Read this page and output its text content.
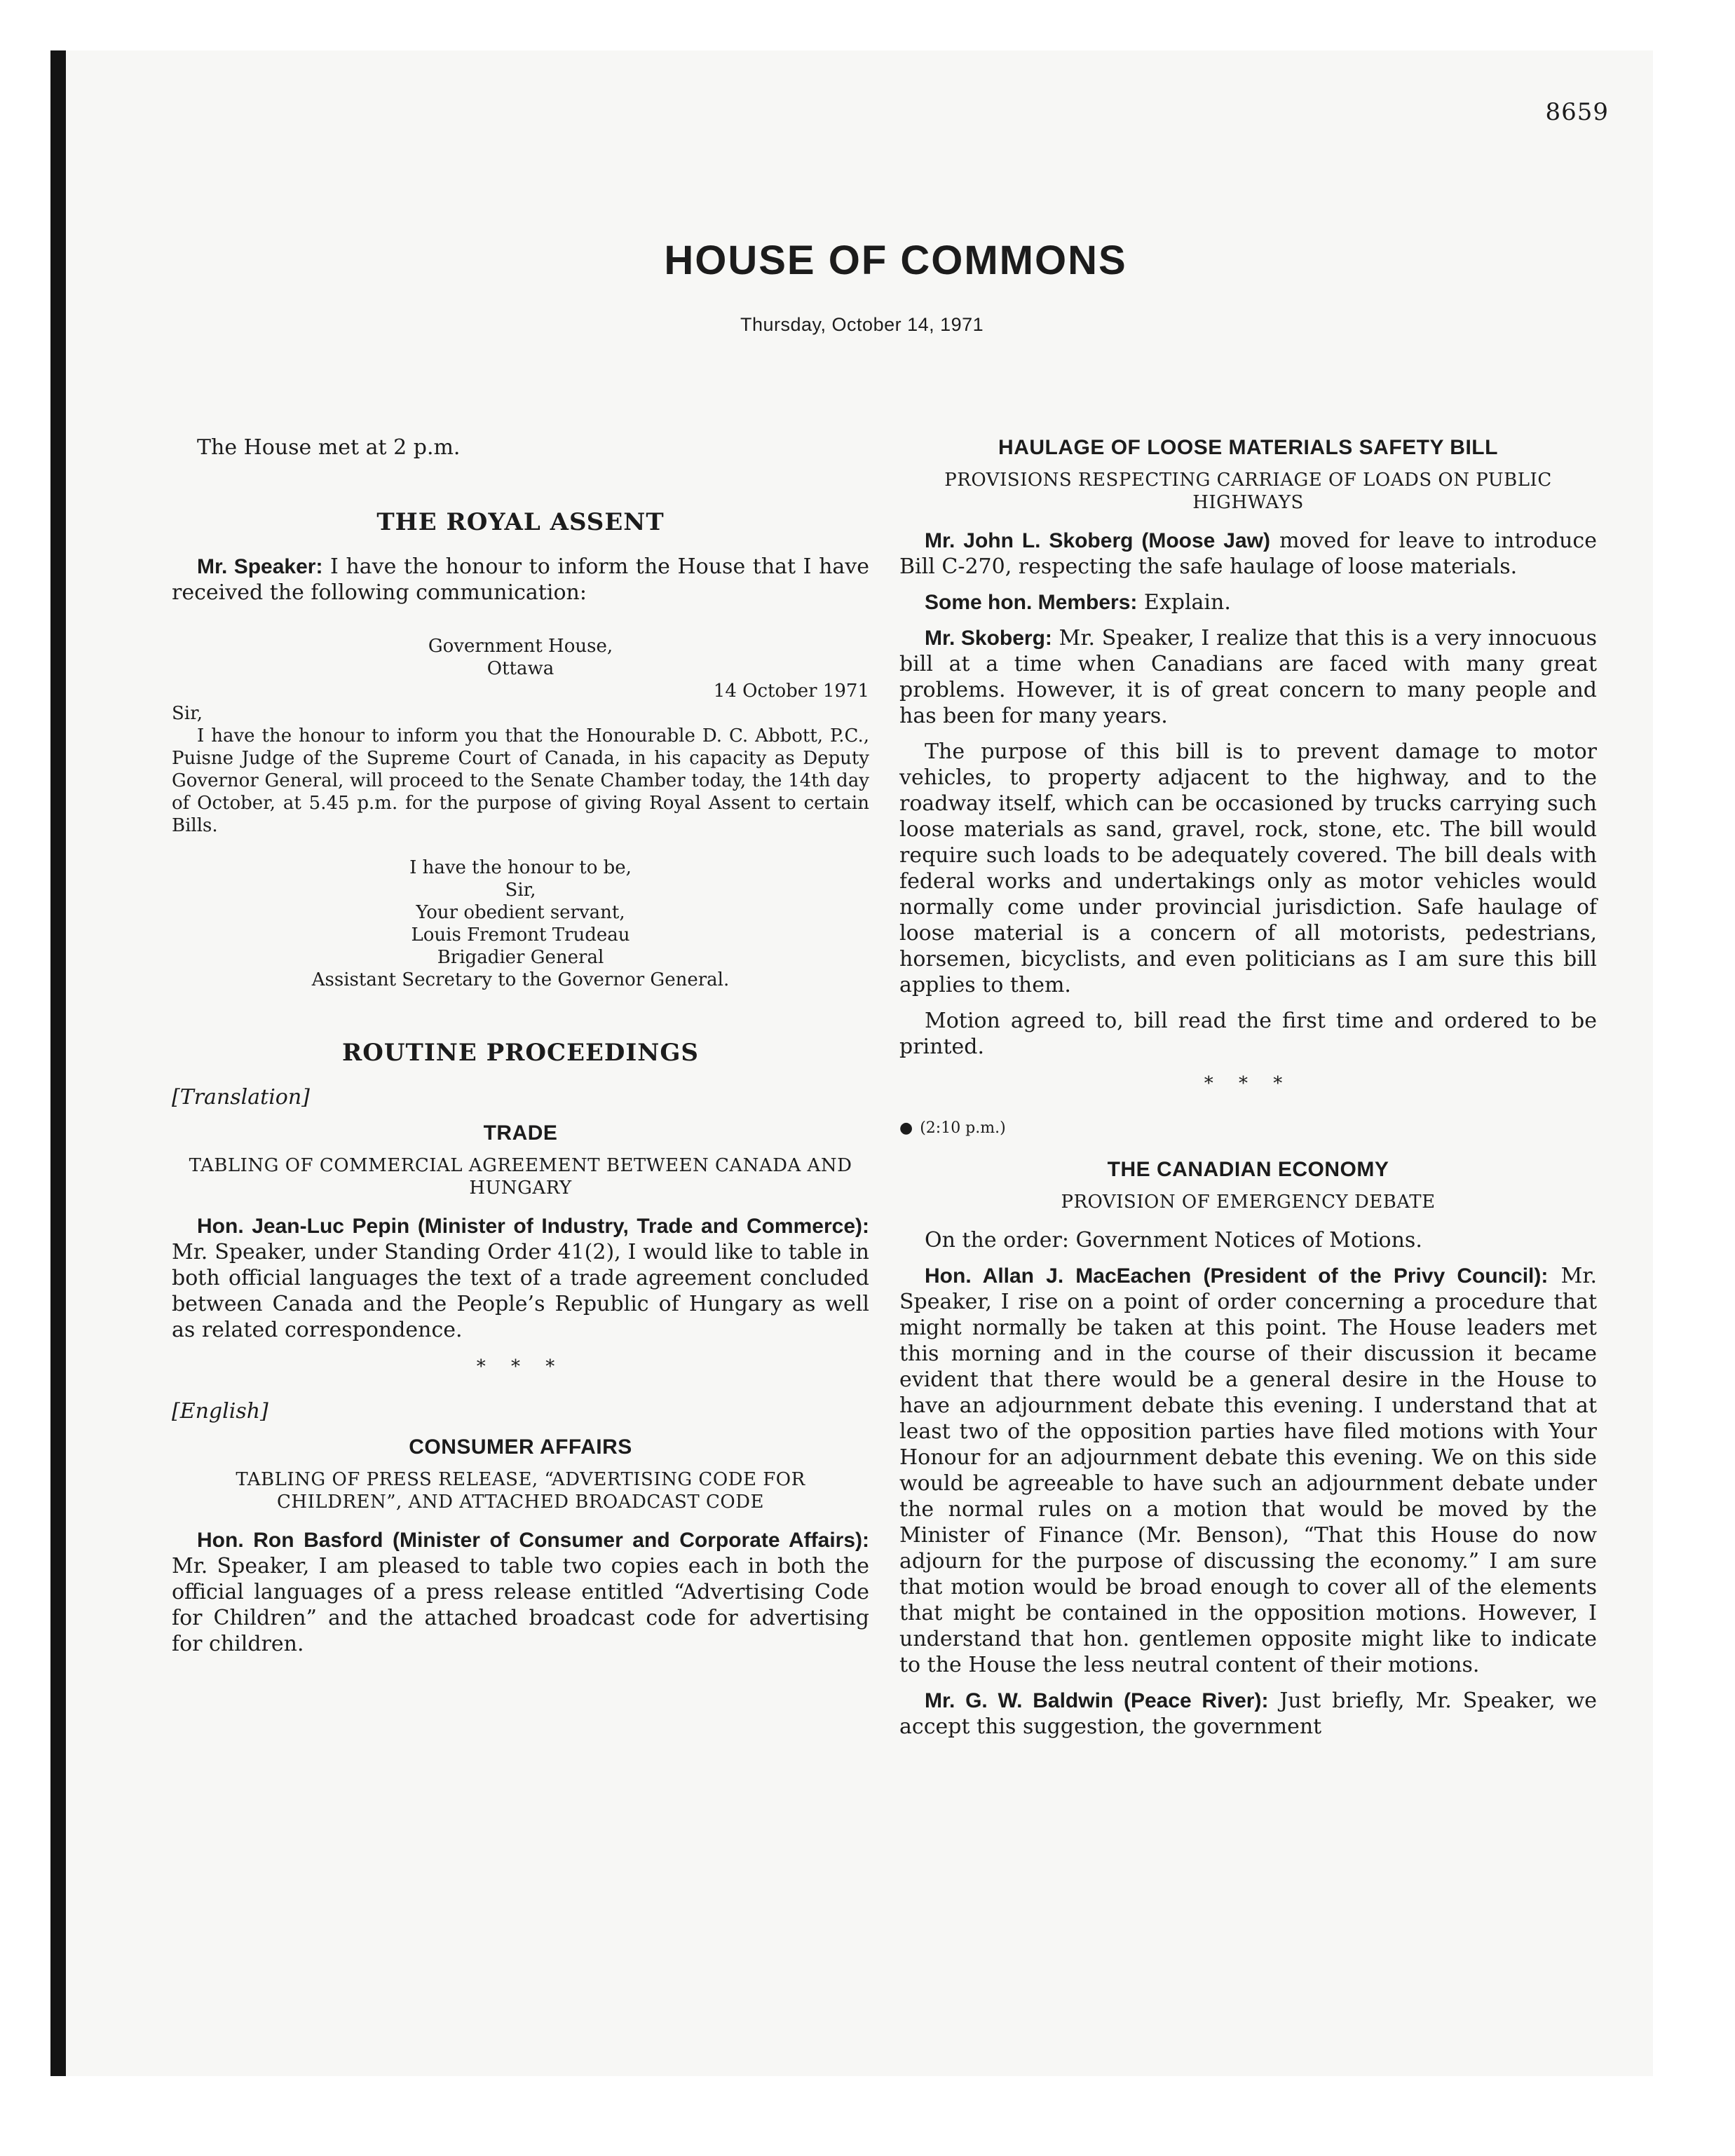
8659
HOUSE OF COMMONS
Thursday, October 14, 1971

The House met at 2 p.m.

THE ROYAL ASSENT

Mr. Speaker: I have the honour to inform the House that I have received the following communication:

Government House,

Ottawa

14 October 1971

Sir,

I have the honour to inform you that the Honourable D. C. Abbott, P.C., Puisne Judge of the Supreme Court of Canada, in his capacity as Deputy Governor General, will proceed to the Senate Chamber today, the 14th day of October, at 5.45 p.m. for the purpose of giving Royal Assent to certain Bills.

I have the honour to be,

Sir,

Your obedient servant,

Louis Fremont Trudeau

Brigadier General

Assistant Secretary to the Governor General.

ROUTINE PROCEEDINGS

[Translation]

TRADE
TABLING OF COMMERCIAL AGREEMENT BETWEEN CANADA AND HUNGARY

Hon. Jean-Luc Pepin (Minister of Industry, Trade and Commerce): Mr. Speaker, under Standing Order 41(2), I would like to table in both official languages the text of a trade agreement concluded between Canada and the People’s Republic of Hungary as well as related correspondence.

* * *

[English]

CONSUMER AFFAIRS
TABLING OF PRESS RELEASE, “ADVERTISING CODE FOR CHILDREN”, AND ATTACHED BROADCAST CODE

Hon. Ron Basford (Minister of Consumer and Corporate Affairs): Mr. Speaker, I am pleased to table two copies each in both the official languages of a press release entitled “Advertising Code for Children” and the attached broadcast code for advertising for children.

HAULAGE OF LOOSE MATERIALS SAFETY BILL
PROVISIONS RESPECTING CARRIAGE OF LOADS ON PUBLIC HIGHWAYS

Mr. John L. Skoberg (Moose Jaw) moved for leave to introduce Bill C-270, respecting the safe haulage of loose materials.

Some hon. Members: Explain.

Mr. Skoberg: Mr. Speaker, I realize that this is a very innocuous bill at a time when Canadians are faced with many great problems. However, it is of great concern to many people and has been for many years.

The purpose of this bill is to prevent damage to motor vehicles, to property adjacent to the highway, and to the roadway itself, which can be occasioned by trucks carrying such loose materials as sand, gravel, rock, stone, etc. The bill would require such loads to be adequately covered. The bill deals with federal works and undertakings only as motor vehicles would normally come under provincial jurisdiction. Safe haulage of loose material is a concern of all motorists, pedestrians, horsemen, bicyclists, and even politicians as I am sure this bill applies to them.

Motion agreed to, bill read the first time and ordered to be printed.

* * *
● (2:10 p.m.)
THE CANADIAN ECONOMY
PROVISION OF EMERGENCY DEBATE

On the order: Government Notices of Motions.

Hon. Allan J. MacEachen (President of the Privy Council): Mr. Speaker, I rise on a point of order concerning a procedure that might normally be taken at this point. The House leaders met this morning and in the course of their discussion it became evident that there would be a general desire in the House to have an adjournment debate this evening. I understand that at least two of the opposition parties have filed motions with Your Honour for an adjournment debate this evening. We on this side would be agreeable to have such an adjournment debate under the normal rules on a motion that would be moved by the Minister of Finance (Mr. Benson), “That this House do now adjourn for the purpose of discussing the economy.” I am sure that motion would be broad enough to cover all of the elements that might be contained in the opposition motions. However, I understand that hon. gentlemen opposite might like to indicate to the House the less neutral content of their motions.

Mr. G. W. Baldwin (Peace River): Just briefly, Mr. Speaker, we accept this suggestion, the government
